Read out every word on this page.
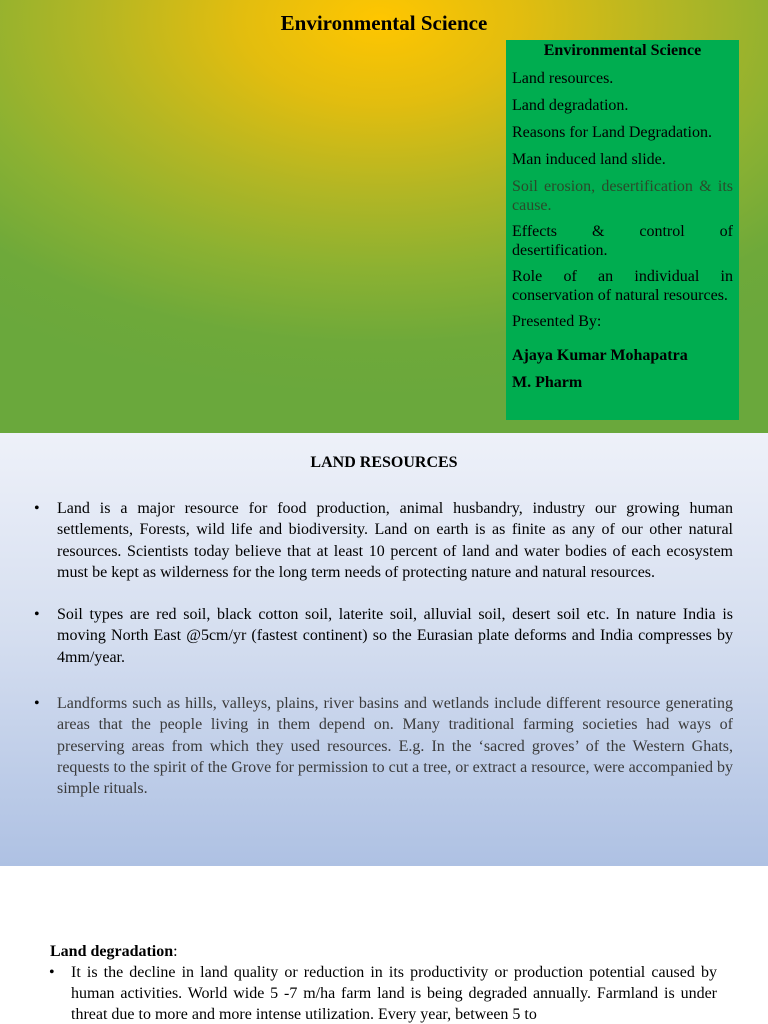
Environmental Science
Environmental Science
Land resources.
Land degradation.
Reasons for Land Degradation.
Man induced land slide.
Soil erosion, desertification & its cause.
Effects & control of desertification.
Role of an individual in conservation of natural resources.
Presented By:
Ajaya Kumar Mohapatra
M. Pharm
LAND RESOURCES
• Land is a major resource for food production, animal husbandry, industry our growing human settlements, Forests, wild life and biodiversity. Land on earth is as finite as any of our other natural resources. Scientists today believe that at least 10 percent of land and water bodies of each ecosystem must be kept as wilderness for the long term needs of protecting nature and natural resources.
• Soil types are red soil, black cotton soil, laterite soil, alluvial soil, desert soil etc. In nature India is moving North East @5cm/yr (fastest continent) so the Eurasian plate deforms and India compresses by 4mm/year.
• Landforms such as hills, valleys, plains, river basins and wetlands include different resource generating areas that the people living in them depend on. Many traditional farming societies had ways of preserving areas from which they used resources. E.g. In the ‘sacred groves’ of the Western Ghats, requests to the spirit of the Grove for permission to cut a tree, or extract a resource, were accompanied by simple rituals.
Land degradation:
• It is the decline in land quality or reduction in its productivity or production potential caused by human activities. World wide 5 -7 m/ha farm land is being degraded annually. Farmland is under threat due to more and more intense utilization. Every year, between 5 to
